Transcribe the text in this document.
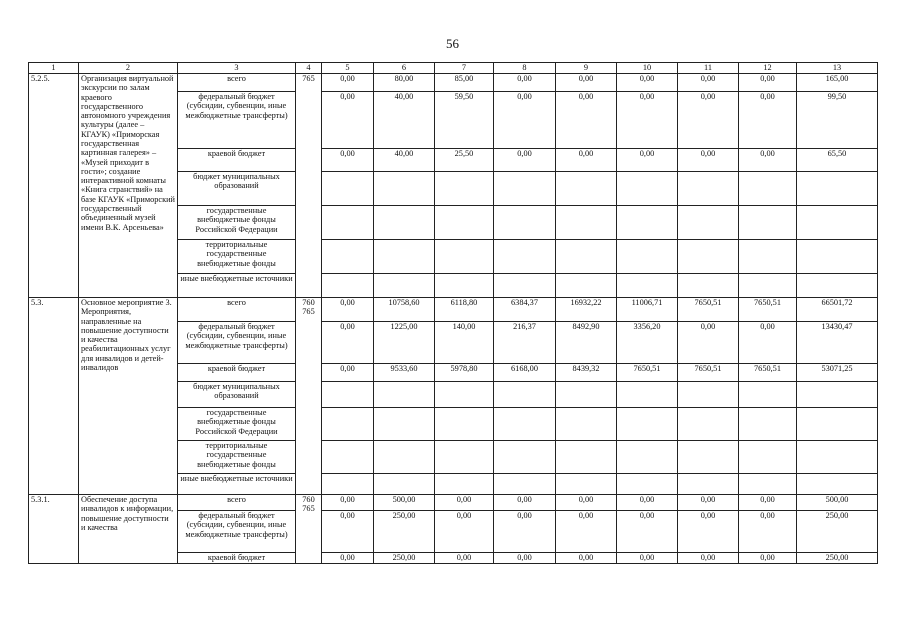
56
1	2	3	4	5	6	7	8	9	10	11	12	13
5.2.5.	Организация виртуальной экскурсии по залам краевого государственного автономного учреждения культуры (далее – КГАУК) «Приморская государственная картинная галерея» – «Музей приходит в гости»; создание интерактивной комнаты «Книга странствий» на базе КГАУК «Приморский государственный объединенный музей имени В.К. Арсеньева»	всего	765	0,00	80,00	85,00	0,00	0,00	0,00	0,00	0,00	165,00
		федеральный бюджет (субсидии, субвенции, иные межбюджетные трансферты)		0,00	40,00	59,50	0,00	0,00	0,00	0,00	0,00	99,50
		краевой бюджет		0,00	40,00	25,50	0,00	0,00	0,00	0,00	0,00	65,50
		бюджет муниципальных образований										
		государственные внебюджетные фонды Российской Федерации										
		территориальные государственные внебюджетные фонды										
		иные внебюджетные источники										
5.3.	Основное мероприятие 3. Мероприятия, направленные на повышение доступности и качества реабилитационных услуг для инвалидов и детей-инвалидов	всего	760 765	0,00	10758,60	6118,80	6384,37	16932,22	11006,71	7650,51	7650,51	66501,72
		федеральный бюджет (субсидии, субвенции, иные межбюджетные трансферты)		0,00	1225,00	140,00	216,37	8492,90	3356,20	0,00	0,00	13430,47
		краевой бюджет		0,00	9533,60	5978,80	6168,00	8439,32	7650,51	7650,51	7650,51	53071,25
		бюджет муниципальных образований										
		государственные внебюджетные фонды Российской Федерации										
		территориальные государственные внебюджетные фонды										
		иные внебюджетные источники										
5.3.1.	Обеспечение доступа инвалидов к информации, повышение доступности и качества	всего	760 765	0,00	500,00	0,00	0,00	0,00	0,00	0,00	0,00	500,00
		федеральный бюджет (субсидии, субвенции, иные межбюджетные трансферты)		0,00	250,00	0,00	0,00	0,00	0,00	0,00	0,00	250,00
		краевой бюджет		0,00	250,00	0,00	0,00	0,00	0,00	0,00	0,00	250,00
